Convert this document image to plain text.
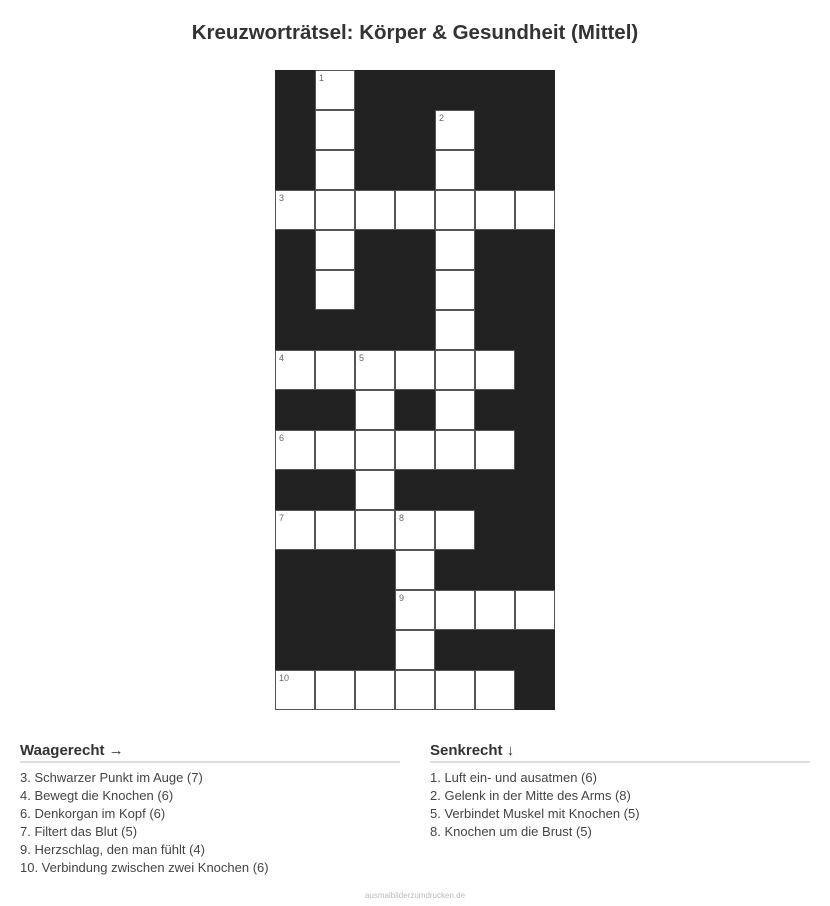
Kreuzworträtsel: Körper & Gesundheit (Mittel)
1
2
3
4	5
6
7	8
9
10
Waagerecht →
3. Schwarzer Punkt im Auge (7)
4. Bewegt die Knochen (6)
6. Denkorgan im Kopf (6)
7. Filtert das Blut (5)
9. Herzschlag, den man fühlt (4)
10. Verbindung zwischen zwei Knochen (6)
Senkrecht ↓
1. Luft ein- und ausatmen (6)
2. Gelenk in der Mitte des Arms (8)
5. Verbindet Muskel mit Knochen (5)
8. Knochen um die Brust (5)
ausmalbilderzumdrucken.de
